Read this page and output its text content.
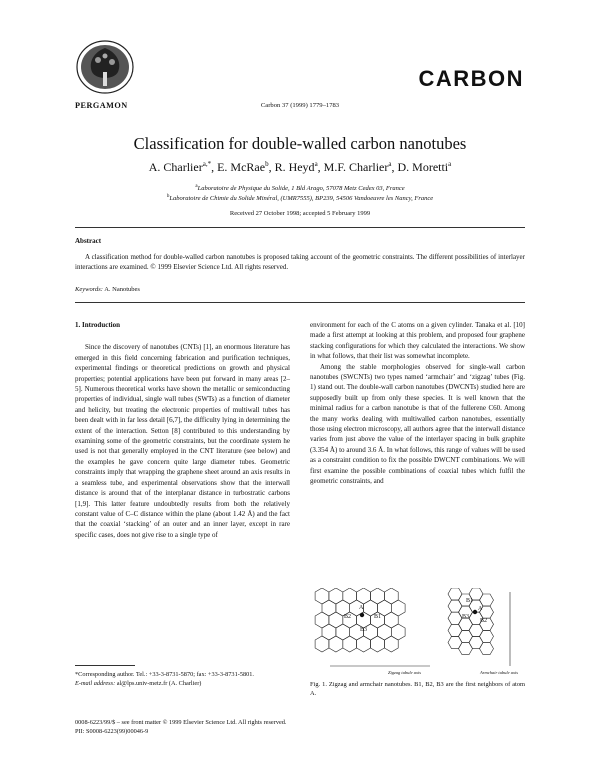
PERGAMON	Carbon 37 (1999) 1779–1783
CARBON
Classification for double-walled carbon nanotubes
A. Charlier$^{a,*}$, E. McRae$^b$, R. Heyd$^a$, M.F. Charlier$^a$, D. Moretti$^a$
$^a$Laboratoire de Physique du Solide, 1 Bld Arago, 57078 Metz Cedex 03, France
$^b$Laboratoire de Chimie du Solide Minéral, (UMR7555), BP239, 54506 Vandoeuvre les Nancy, France
Received 27 October 1998; accepted 5 February 1999
Abstract
A classification method for double-walled carbon nanotubes is proposed taking account of the geometric constraints. The different possibilities of interlayer interactions are examined. © 1999 Elsevier Science Ltd. All rights reserved.
Keywords: A. Nanotubes
1. Introduction

Since the discovery of nanotubes (CNTs) [1], an enormous literature has emerged in this field concerning fabrication and purification techniques, experimental findings or theoretical predictions on growth and physical properties; potential applications have been put forward in many areas [2–5]. Numerous theoretical works have shown the metallic or semiconducting properties of individual, single wall tubes (SWTs) as a function of diameter and helicity, but treating the electronic properties of multiwall tubes has been dealt with in far less detail [6,7], the difficulty lying in determining the extent of the interaction. Setton [8] contributed to this understanding by examining some of the geometric constraints, but the coordinate system he used is not that generally employed in the CNT literature (see below) and the examples he gave concern quite large diameter tubes. Geometric constraints imply that wrapping the graphene sheet around an axis results in a seamless tube, and experimental observations show that the interwall distance is around that of the interplanar distance in turbostratic carbons [1,9]. This latter feature undoubtedly results from both the relatively constant value of C–C distance within the plane (about 1.42 Å) and the fact that the coaxial ‘stacking’ of an outer and an inner layer, except in rare specific cases, does not give rise to a single type of

environment for each of the C atoms on a given cylinder. Tanaka et al. [10] made a first attempt at looking at this problem, and proposed four graphene stacking configurations for which they calculated the interactions. We show in what follows, that their list was somewhat incomplete.

Among the stable morphologies observed for single-wall carbon nanotubes (SWCNTs) two types named ‘armchair’ and ‘zigzag’ tubes (Fig. 1) stand out. The double-wall carbon nanotubes (DWCNTs) studied here are supposedly built up from only these species. It is well known that the minimal radius for a carbon nanotube is that of the fullerene C60. Among the many works dealing with multiwalled carbon nanotubes, essentially those using electron microscopy, all authors agree that the interwall distance varies from just above the value of the interlayer spacing in bulk graphite (3.354 Å) to around 3.6 Å. In what follows, this range of values will be used as a constraint condition to fix the possible DWCNT combinations. We will first examine the possible combinations of coaxial tubes which fulfil the geometric constraints, and

A
B2	B1
B3
Zigzag tubule axis
A
B1
B3
B2
Armchair tubule axis
Fig. 1. Zigzag and armchair nanotubes. B1, B2, B3 are the first neighbors of atom A.
*Corresponding author. Tel.: +33-3-8731-5870; fax: +33-3-8731-5801.
E-mail address: al@lps.univ-metz.fr (A. Charlier)
0008-6223/99/$ – see front matter © 1999 Elsevier Science Ltd. All rights reserved.
PII: S0008-6223(99)00046-9
